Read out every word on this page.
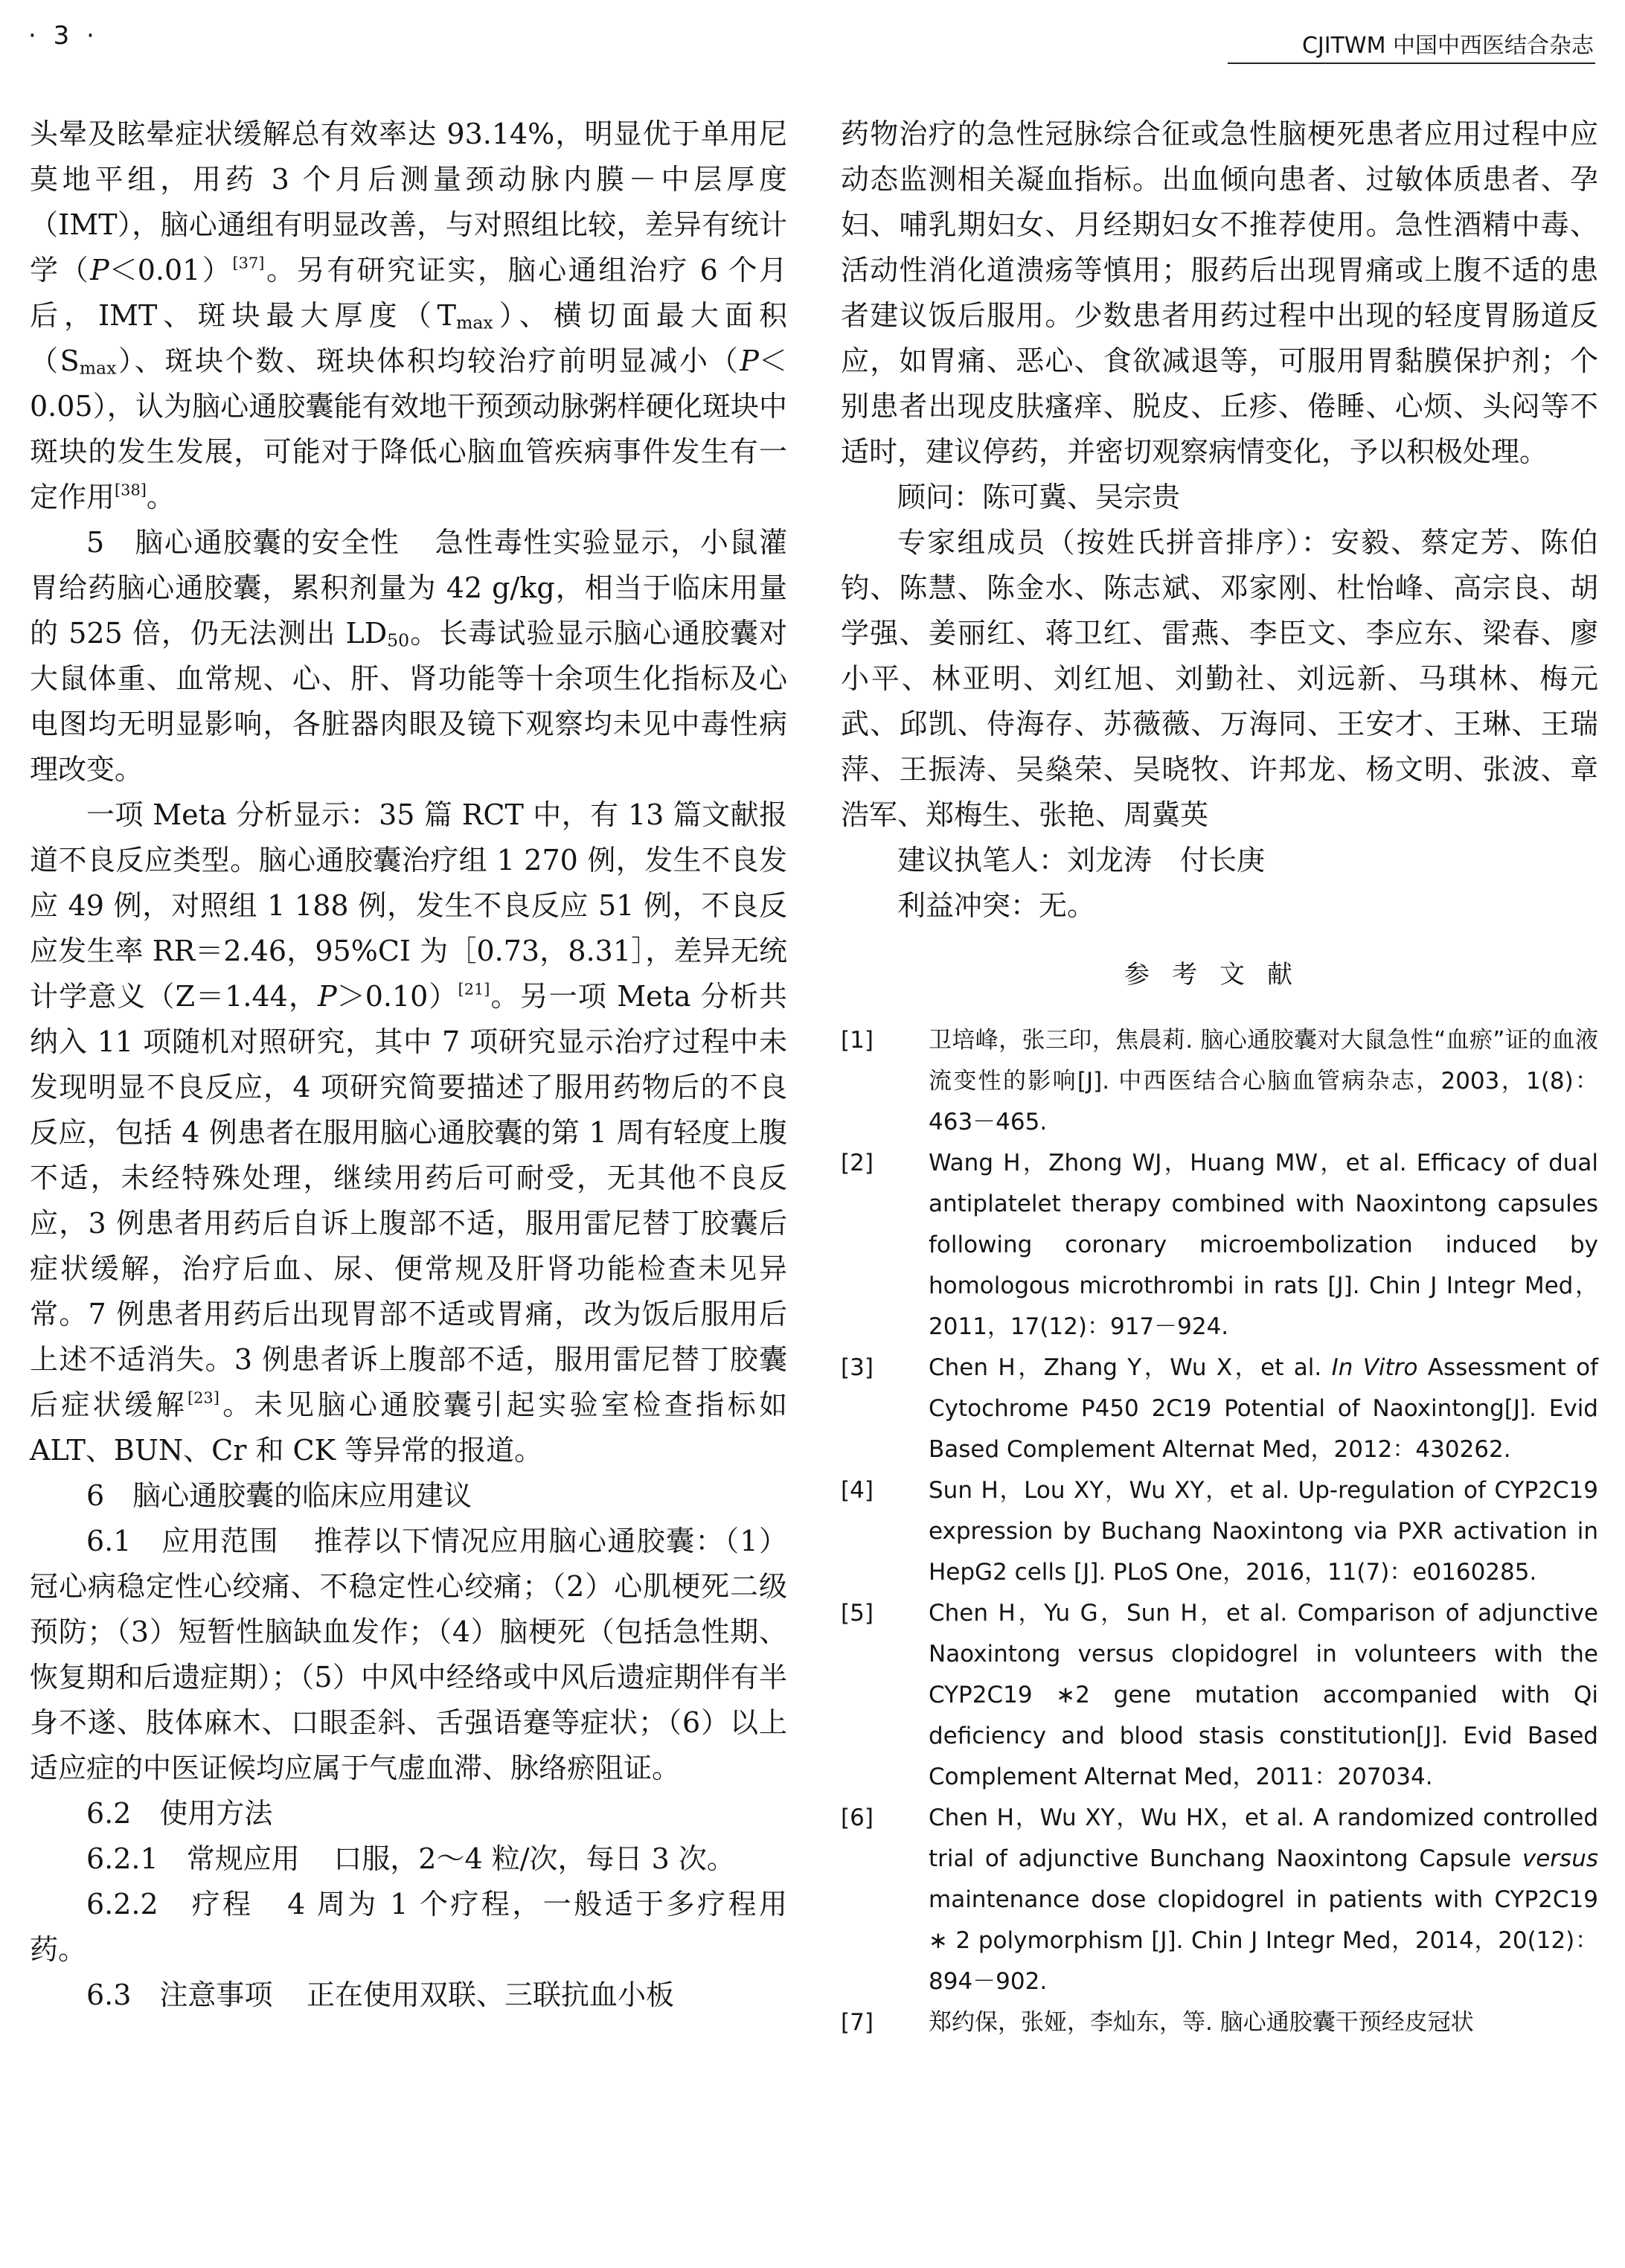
· 3 ·	CJITWM 中国中西医结合杂志

头晕及眩晕症状缓解总有效率达 93.14%，明显优于单用尼莫地平组，用药 3 个月后测量颈动脉内膜－中层厚度（IMT），脑心通组有明显改善，与对照组比较，差异有统计学（P＜0.01）[37]。另有研究证实，脑心通组治疗 6 个月后，IMT、斑块最大厚度$(T_{max})$、横切面最大面积$(S_{max})$、斑块个数、斑块体积均较治疗前明显减小（P＜0.05），认为脑心通胶囊能有效地干预颈动脉粥样硬化斑块中斑块的发生发展，可能对于降低心脑血管疾病事件发生有一定作用[38]。

5　脑心通胶囊的安全性 急性毒性实验显示，小鼠灌胃给药脑心通胶囊，累积剂量为 42 g/kg，相当于临床用量的 525 倍，仍无法测出 $LD_{50}$。长毒试验显示脑心通胶囊对大鼠体重、血常规、心、肝、肾功能等十余项生化指标及心电图均无明显影响，各脏器肉眼及镜下观察均未见中毒性病理改变。

一项 Meta 分析显示：35 篇 RCT 中，有 13 篇文献报道不良反应类型。脑心通胶囊治疗组 1 270 例，发生不良发应 49 例，对照组 1 188 例，发生不良反应 51 例，不良反应发生率 RR＝2.46，95%CI 为［0.73，8.31］，差异无统计学意义（Z＝1.44，P＞0.10）[21]。另一项 Meta 分析共纳入 11 项随机对照研究，其中 7 项研究显示治疗过程中未发现明显不良反应，4 项研究简要描述了服用药物后的不良反应，包括 4 例患者在服用脑心通胶囊的第 1 周有轻度上腹不适，未经特殊处理，继续用药后可耐受，无其他不良反应，3 例患者用药后自诉上腹部不适，服用雷尼替丁胶囊后症状缓解，治疗后血、尿、便常规及肝肾功能检查未见异常。7 例患者用药后出现胃部不适或胃痛，改为饭后服用后上述不适消失。3 例患者诉上腹部不适，服用雷尼替丁胶囊后症状缓解[23]。未见脑心通胶囊引起实验室检查指标如 ALT、BUN、Cr 和 CK 等异常的报道。

6　脑心通胶囊的临床应用建议

6.1　应用范围 推荐以下情况应用脑心通胶囊：（1）冠心病稳定性心绞痛、不稳定性心绞痛；（2）心肌梗死二级预防；（3）短暂性脑缺血发作；（4）脑梗死（包括急性期、恢复期和后遗症期）；（5）中风中经络或中风后遗症期伴有半身不遂、肢体麻木、口眼歪斜、舌强语蹇等症状；（6）以上适应症的中医证候均应属于气虚血滞、脉络瘀阻证。

6.2　使用方法

6.2.1　常规应用 口服，2～4 粒/次，每日 3 次。

6.2.2　疗程 4 周为 1 个疗程，一般适于多疗程用药。

6.3　注意事项 正在使用双联、三联抗血小板

药物治疗的急性冠脉综合征或急性脑梗死患者应用过程中应动态监测相关凝血指标。出血倾向患者、过敏体质患者、孕妇、哺乳期妇女、月经期妇女不推荐使用。急性酒精中毒、活动性消化道溃疡等慎用；服药后出现胃痛或上腹不适的患者建议饭后服用。少数患者用药过程中出现的轻度胃肠道反应，如胃痛、恶心、食欲减退等，可服用胃黏膜保护剂；个别患者出现皮肤瘙痒、脱皮、丘疹、倦睡、心烦、头闷等不适时，建议停药，并密切观察病情变化，予以积极处理。

顾问：陈可冀、吴宗贵

专家组成员（按姓氏拼音排序）：安毅、蔡定芳、陈伯钧、陈慧、陈金水、陈志斌、邓家刚、杜怡峰、高宗良、胡学强、姜丽红、蒋卫红、雷燕、李臣文、李应东、梁春、廖小平、林亚明、刘红旭、刘勤社、刘远新、马琪林、梅元武、邱凯、侍海存、苏薇薇、万海同、王安才、王琳、王瑞萍、王振涛、吴燊荣、吴晓牧、许邦龙、杨文明、张波、章浩军、郑梅生、张艳、周冀英

建议执笔人：刘龙涛　付长庚

利益冲突：无。

参考文献

[1]	卫培峰，张三印，焦晨莉. 脑心通胶囊对大鼠急性“血瘀”证的血液流变性的影响[J]. 中西医结合心脑血管病杂志，2003，1(8)：463－465.
[2]	Wang H，Zhong WJ，Huang MW，et al. Efficacy of dual antiplatelet therapy combined with Naoxintong capsules following coronary microembolization induced by homologous microthrombi in rats [J]. Chin J Integr Med，2011，17(12)：917－924.
[3]	Chen H，Zhang Y，Wu X，et al. In Vitro Assessment of Cytochrome P450 2C19 Potential of Naoxintong[J]. Evid Based Complement Alternat Med，2012：430262.
[4]	Sun H，Lou XY，Wu XY，et al. Up-regulation of CYP2C19 expression by Buchang Naoxintong via PXR activation in HepG2 cells [J]. PLoS One，2016，11(7)：e0160285.
[5]	Chen H，Yu G，Sun H，et al. Comparison of adjunctive Naoxintong versus clopidogrel in volunteers with the CYP2C19 ∗2 gene mutation accompanied with Qi deficiency and blood stasis constitution[J]. Evid Based Complement Alternat Med，2011：207034.
[6]	Chen H，Wu XY，Wu HX，et al. A randomized controlled trial of adjunctive Bunchang Naoxintong Capsule versus maintenance dose clopidogrel in patients with CYP2C19 ∗ 2 polymorphism [J]. Chin J Integr Med，2014，20(12)：894－902.
[7]	郑约保，张娅，李灿东，等. 脑心通胶囊干预经皮冠状
